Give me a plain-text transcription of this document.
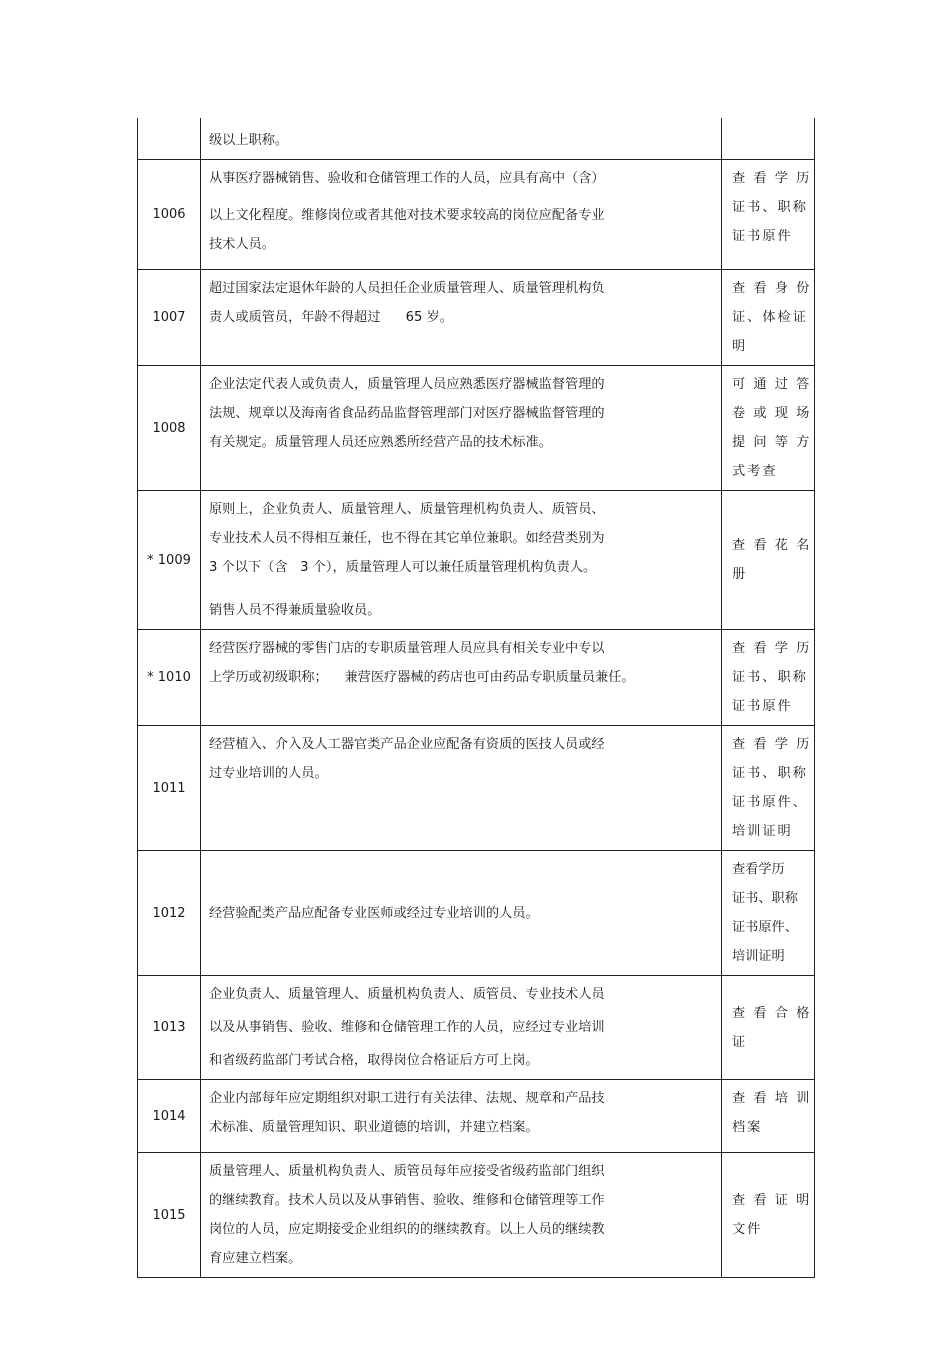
	级以上职称。	

1006	从事医疗器械销售、验收和仓储管理工作的人员，应具有高中（含）
以上文化程度。维修岗位或者其他对技术要求较高的岗位应配备专业
技术人员。	查 看 学 历
证书、职称
证书原件

1007	超过国家法定退休年龄的人员担任企业质量管理人、质量管理机构负
责人或质管员，年龄不得超过      65 岁。	查 看 身 份
证、体检证
明

1008	企业法定代表人或负责人，质量管理人员应熟悉医疗器械监督管理的
法规、规章以及海南省食品药品监督管理部门对医疗器械监督管理的
有关规定。质量管理人员还应熟悉所经营产品的技术标准。	可 通 过 答
卷 或 现 场
提 问 等 方
式考查

* 1009	原则上，企业负责人、质量管理人、质量管理机构负责人、质管员、
专业技术人员不得相互兼任，也不得在其它单位兼职。如经营类别为
3 个以下（含   3 个），质量管理人可以兼任质量管理机构负责人。
销售人员不得兼质量验收员。	查 看 花 名
册

* 1010	经营医疗器械的零售门店的专职质量管理人员应具有相关专业中专以
上学历或初级职称；    兼营医疗器械的药店也可由药品专职质量员兼任。	查 看 学 历
证书、职称
证书原件

1011	经营植入、介入及人工器官类产品企业应配备有资质的医技人员或经
过专业培训的人员。	查 看 学 历
证书、职称
证书原件、
培训证明

1012	经营验配类产品应配备专业医师或经过专业培训的人员。	查看学历
证书、职称
证书原件、
培训证明

1013	企业负责人、质量管理人、质量机构负责人、质管员、专业技术人员
以及从事销售、验收、维修和仓储管理工作的人员，应经过专业培训
和省级药监部门考试合格，取得岗位合格证后方可上岗。	查 看 合 格
证

1014	企业内部每年应定期组织对职工进行有关法律、法规、规章和产品技
术标准、质量管理知识、职业道德的培训，并建立档案。	查 看 培 训
档案

1015	质量管理人、质量机构负责人、质管员每年应接受省级药监部门组织
的继续教育。技术人员以及从事销售、验收、维修和仓储管理等工作
岗位的人员，应定期接受企业组织的的继续教育。以上人员的继续教
育应建立档案。	查 看 证 明
文件
